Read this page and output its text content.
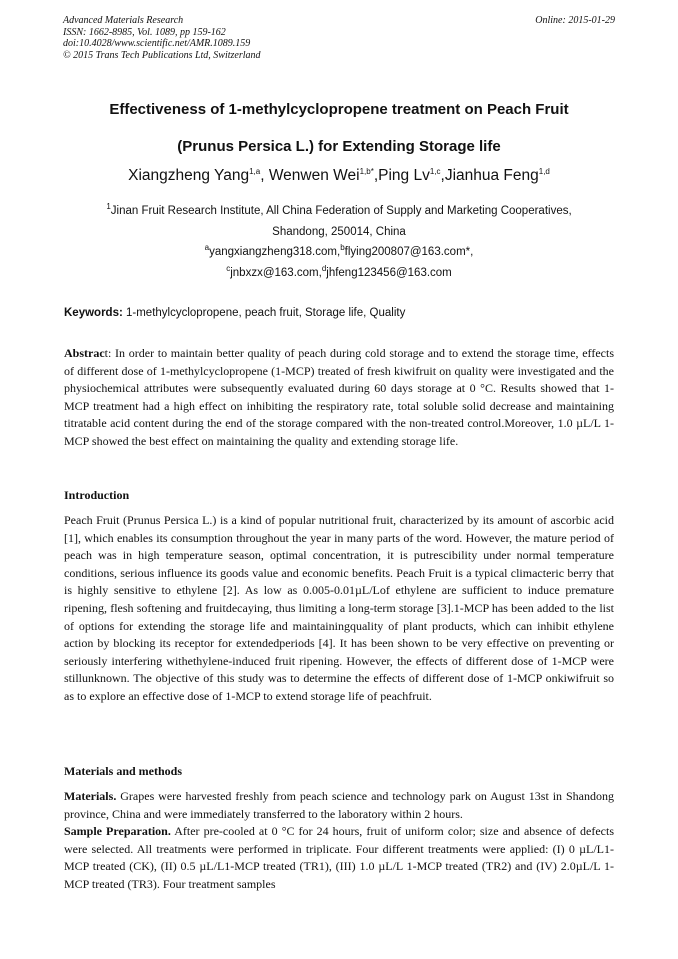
Advanced Materials Research
ISSN: 1662-8985, Vol. 1089, pp 159-162
doi:10.4028/www.scientific.net/AMR.1089.159
© 2015 Trans Tech Publications Ltd, Switzerland
Online: 2015-01-29
Effectiveness of 1-methylcyclopropene treatment on Peach Fruit
(Prunus Persica L.) for Extending Storage life
Xiangzheng Yang$^{1,a}$, Wenwen Wei$^{1,b*}$,Ping Lv$^{1,c}$,Jianhua Feng$^{1,d}$
$^1$Jinan Fruit Research Institute, All China Federation of Supply and Marketing Cooperatives,
Shandong, 250014, China
$^a$yangxiangzheng318.com,$^b$flying200807@163.com*,
$^c$jnbxzx@163.com,$^d$jhfeng123456@163.com
Keywords: 1-methylcyclopropene, peach fruit, Storage life, Quality
Abstract: In order to maintain better quality of peach during cold storage and to extend the storage time, effects of different dose of 1-methylcyclopropene (1-MCP) treated of fresh kiwifruit on quality were investigated and the physiochemical attributes were subsequently evaluated during 60 days storage at 0 °C. Results showed that 1-MCP treatment had a high effect on inhibiting the respiratory rate, total soluble solid decrease and maintaining titratable acid content during the end of the storage compared with the non-treated control.Moreover, 1.0 µL/L 1-MCP showed the best effect on maintaining the quality and extending storage life.
Introduction
Peach Fruit (Prunus Persica L.) is a kind of popular nutritional fruit, characterized by its amount of ascorbic acid [1], which enables its consumption throughout the year in many parts of the word. However, the mature period of peach was in high temperature season, optimal concentration, it is putrescibility under normal temperature conditions, serious influence its goods value and economic benefits. Peach Fruit is a typical climacteric berry that is highly sensitive to ethylene [2]. As low as 0.005-0.01µL/Lof ethylene are sufficient to induce premature ripening, flesh softening and fruitdecaying, thus limiting a long-term storage [3].1-MCP has been added to the list of options for extending the storage life and maintainingquality of plant products, which can inhibit ethylene action by blocking its receptor for extendedperiods [4]. It has been shown to be very effective on preventing or seriously interfering withethylene-induced fruit ripening. However, the effects of different dose of 1-MCP were stillunknown. The objective of this study was to determine the effects of different dose of 1-MCP onkiwifruit so as to explore an effective dose of 1-MCP to extend storage life of peachfruit.
Materials and methods

Materials. Grapes were harvested freshly from peach science and technology park on August 13st in Shandong province, China and were immediately transferred to the laboratory within 2 hours.

Sample Preparation. After pre-cooled at 0 °C for 24 hours, fruit of uniform color; size and absence of defects were selected. All treatments were performed in triplicate. Four different treatments were applied: (I) 0 µL/L1-MCP treated (CK), (II) 0.5 µL/L1-MCP treated (TR1), (III) 1.0 µL/L 1-MCP treated (TR2) and (IV) 2.0µL/L 1- MCP treated (TR3). Four treatment samples
